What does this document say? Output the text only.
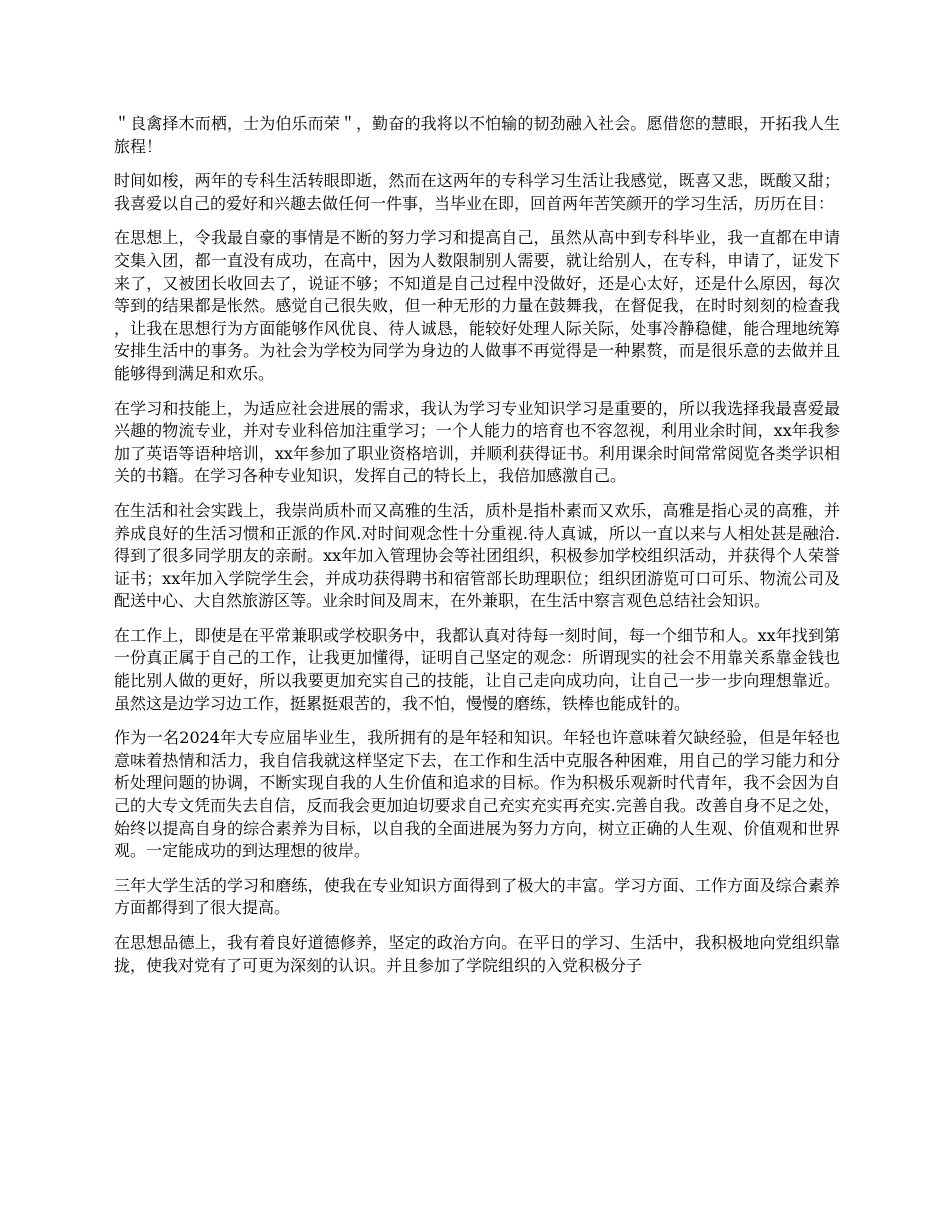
＂良禽择木而栖，士为伯乐而荣＂，勤奋的我将以不怕输的韧劲融入社会。愿借您的慧眼，开拓我人生旅程！

时间如梭，两年的专科生活转眼即逝，然而在这两年的专科学习生活让我感觉，既喜又悲，既酸又甜；我喜爱以自己的爱好和兴趣去做任何一件事，当毕业在即，回首两年苦笑颜开的学习生活，历历在目：

在思想上，令我最自豪的事情是不断的努力学习和提高自己，虽然从高中到专科毕业，我一直都在申请交集入团，都一直没有成功，在高中，因为人数限制别人需要，就让给别人，在专科，申请了，证发下来了，又被团长收回去了，说证不够；不知道是自己过程中没做好，还是心太好，还是什么原因，每次等到的结果都是怅然。感觉自己很失败，但一种无形的力量在鼓舞我，在督促我，在时时刻刻的检查我，让我在思想行为方面能够作风优良、待人诚恳，能较好处理人际关际，处事冷静稳健，能合理地统筹安排生活中的事务。为社会为学校为同学为身边的人做事不再觉得是一种累赘，而是很乐意的去做并且能够得到满足和欢乐。

在学习和技能上，为适应社会进展的需求，我认为学习专业知识学习是重要的，所以我选择我最喜爱最兴趣的物流专业，并对专业科倍加注重学习；一个人能力的培育也不容忽视，利用业余时间，xx年我参加了英语等语种培训，xx年参加了职业资格培训，并顺利获得证书。利用课余时间常常阅览各类学识相关的书籍。在学习各种专业知识，发挥自己的特长上，我倍加感激自己。

在生活和社会实践上，我崇尚质朴而又高雅的生活，质朴是指朴素而又欢乐，高雅是指心灵的高雅，并养成良好的生活习惯和正派的作风.对时间观念性十分重视.待人真诚，所以一直以来与人相处甚是融洽.得到了很多同学朋友的亲耐。xx年加入管理协会等社团组织，积极参加学校组织活动，并获得个人荣誉证书；xx年加入学院学生会，并成功获得聘书和宿管部长助理职位；组织团游览可口可乐、物流公司及配送中心、大自然旅游区等。业余时间及周末，在外兼职，在生活中察言观色总结社会知识。

在工作上，即使是在平常兼职或学校职务中，我都认真对待每一刻时间，每一个细节和人。xx年找到第一份真正属于自己的工作，让我更加懂得，证明自己坚定的观念：所谓现实的社会不用靠关系靠金钱也能比别人做的更好，所以我要更加充实自己的技能，让自己走向成功向，让自己一步一步向理想靠近。虽然这是边学习边工作，挺累挺艰苦的，我不怕，慢慢的磨练，铁棒也能成针的。

作为一名2024年大专应届毕业生，我所拥有的是年轻和知识。年轻也许意味着欠缺经验，但是年轻也意味着热情和活力，我自信我就这样坚定下去，在工作和生活中克服各种困难，用自己的学习能力和分析处理问题的协调，不断实现自我的人生价值和追求的目标。作为积极乐观新时代青年，我不会因为自己的大专文凭而失去自信，反而我会更加迫切要求自己充实充实再充实.完善自我。改善自身不足之处，始终以提高自身的综合素养为目标，以自我的全面进展为努力方向，树立正确的人生观、价值观和世界观。一定能成功的到达理想的彼岸。

三年大学生活的学习和磨练，使我在专业知识方面得到了极大的丰富。学习方面、工作方面及综合素养方面都得到了很大提高。

在思想品德上，我有着良好道德修养，坚定的政治方向。在平日的学习、生活中，我积极地向党组织靠拢，使我对党有了可更为深刻的认识。并且参加了学院组织的入党积极分子
